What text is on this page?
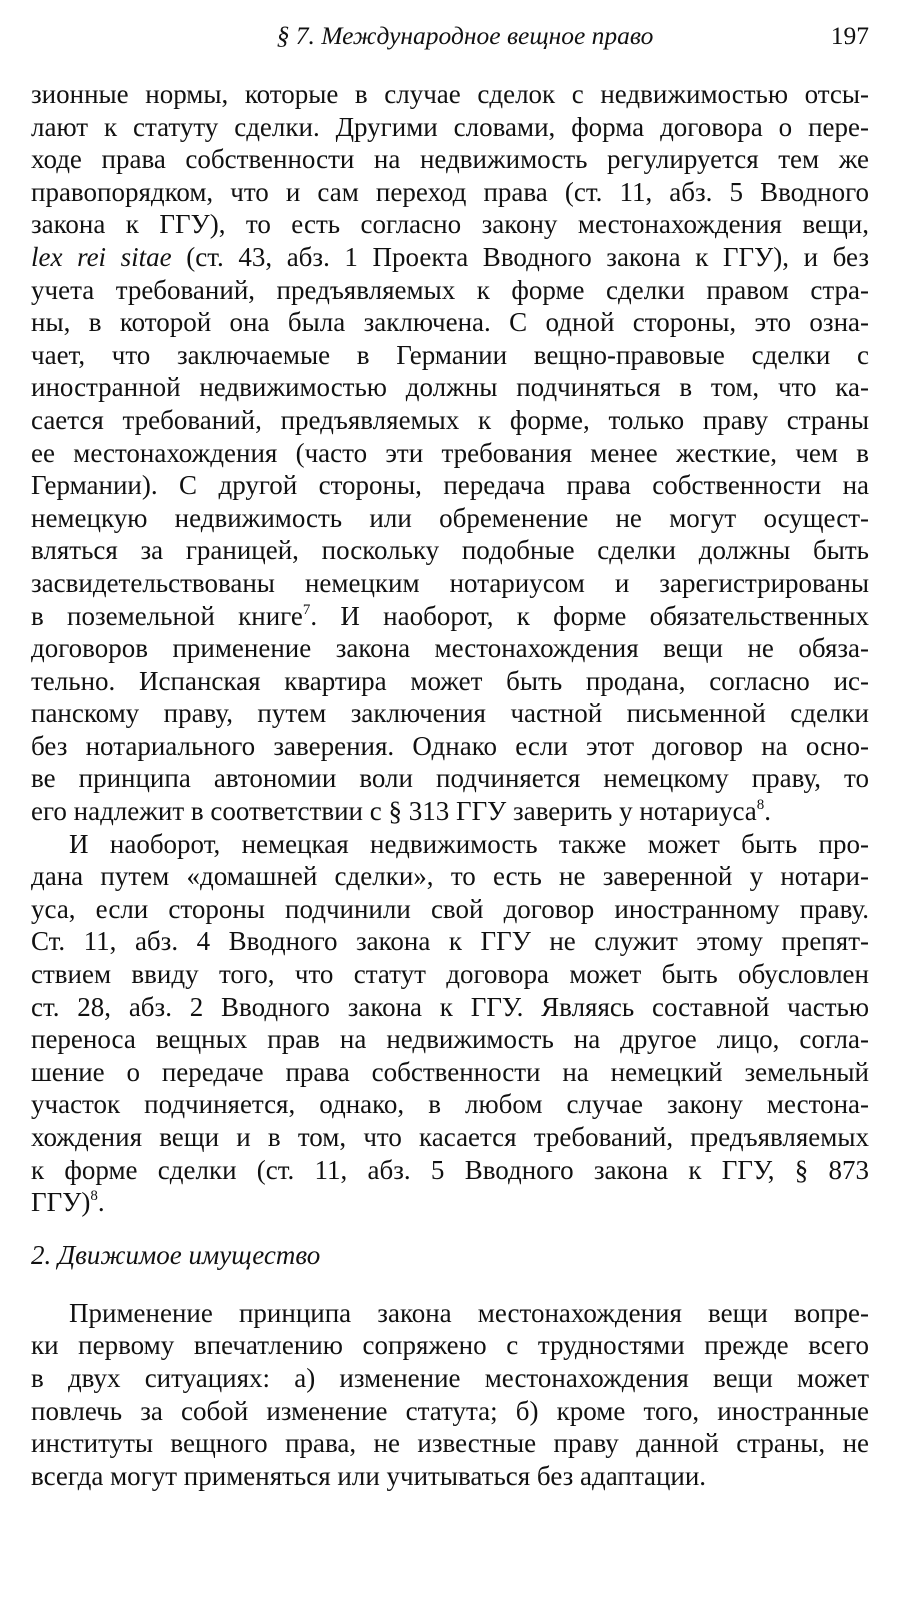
§ 7. Международное вещное право	197
зионные нормы, которые в случае сделок с недвижимостью отсы-
лают к статуту сделки. Другими словами, форма договора о пере-
ходе права собственности на недвижимость регулируется тем же
правопорядком, что и сам переход права (ст. 11, абз. 5 Вводного
закона к ГГУ), то есть согласно закону местонахождения вещи,
lex rei sitae (ст. 43, абз. 1 Проекта Вводного закона к ГГУ), и без
учета требований, предъявляемых к форме сделки правом стра-
ны, в которой она была заключена. С одной стороны, это озна-
чает, что заключаемые в Германии вещно-правовые сделки с
иностранной недвижимостью должны подчиняться в том, что ка-
сается требований, предъявляемых к форме, только праву страны
ее местонахождения (часто эти требования менее жесткие, чем в
Германии). С другой стороны, передача права собственности на
немецкую недвижимость или обременение не могут осущест-
вляться за границей, поскольку подобные сделки должны быть
засвидетельствованы немецким нотариусом и зарегистрированы
в поземельной книге$^7$. И наоборот, к форме обязательственных
договоров применение закона местонахождения вещи не обяза-
тельно. Испанская квартира может быть продана, согласно ис-
панскому праву, путем заключения частной письменной сделки
без нотариального заверения. Однако если этот договор на осно-
ве принципа автономии воли подчиняется немецкому праву, то
его надлежит в соответствии с § 313 ГГУ заверить у нотариуса$^8$.
И наоборот, немецкая недвижимость также может быть про-
дана путем «домашней сделки», то есть не заверенной у нотари-
уса, если стороны подчинили свой договор иностранному праву.
Ст. 11, абз. 4 Вводного закона к ГГУ не служит этому препят-
ствием ввиду того, что статут договора может быть обусловлен
ст. 28, абз. 2 Вводного закона к ГГУ. Являясь составной частью
переноса вещных прав на недвижимость на другое лицо, согла-
шение о передаче права собственности на немецкий земельный
участок подчиняется, однако, в любом случае закону местона-
хождения вещи и в том, что касается требований, предъявляемых
к форме сделки (ст. 11, абз. 5 Вводного закона к ГГУ, § 873
ГГУ)$^8$.
2. Движимое имущество
Применение принципа закона местонахождения вещи вопре-
ки первому впечатлению сопряжено с трудностями прежде всего
в двух ситуациях: а) изменение местонахождения вещи может
повлечь за собой изменение статута; б) кроме того, иностранные
институты вещного права, не известные праву данной страны, не
всегда могут применяться или учитываться без адаптации.
